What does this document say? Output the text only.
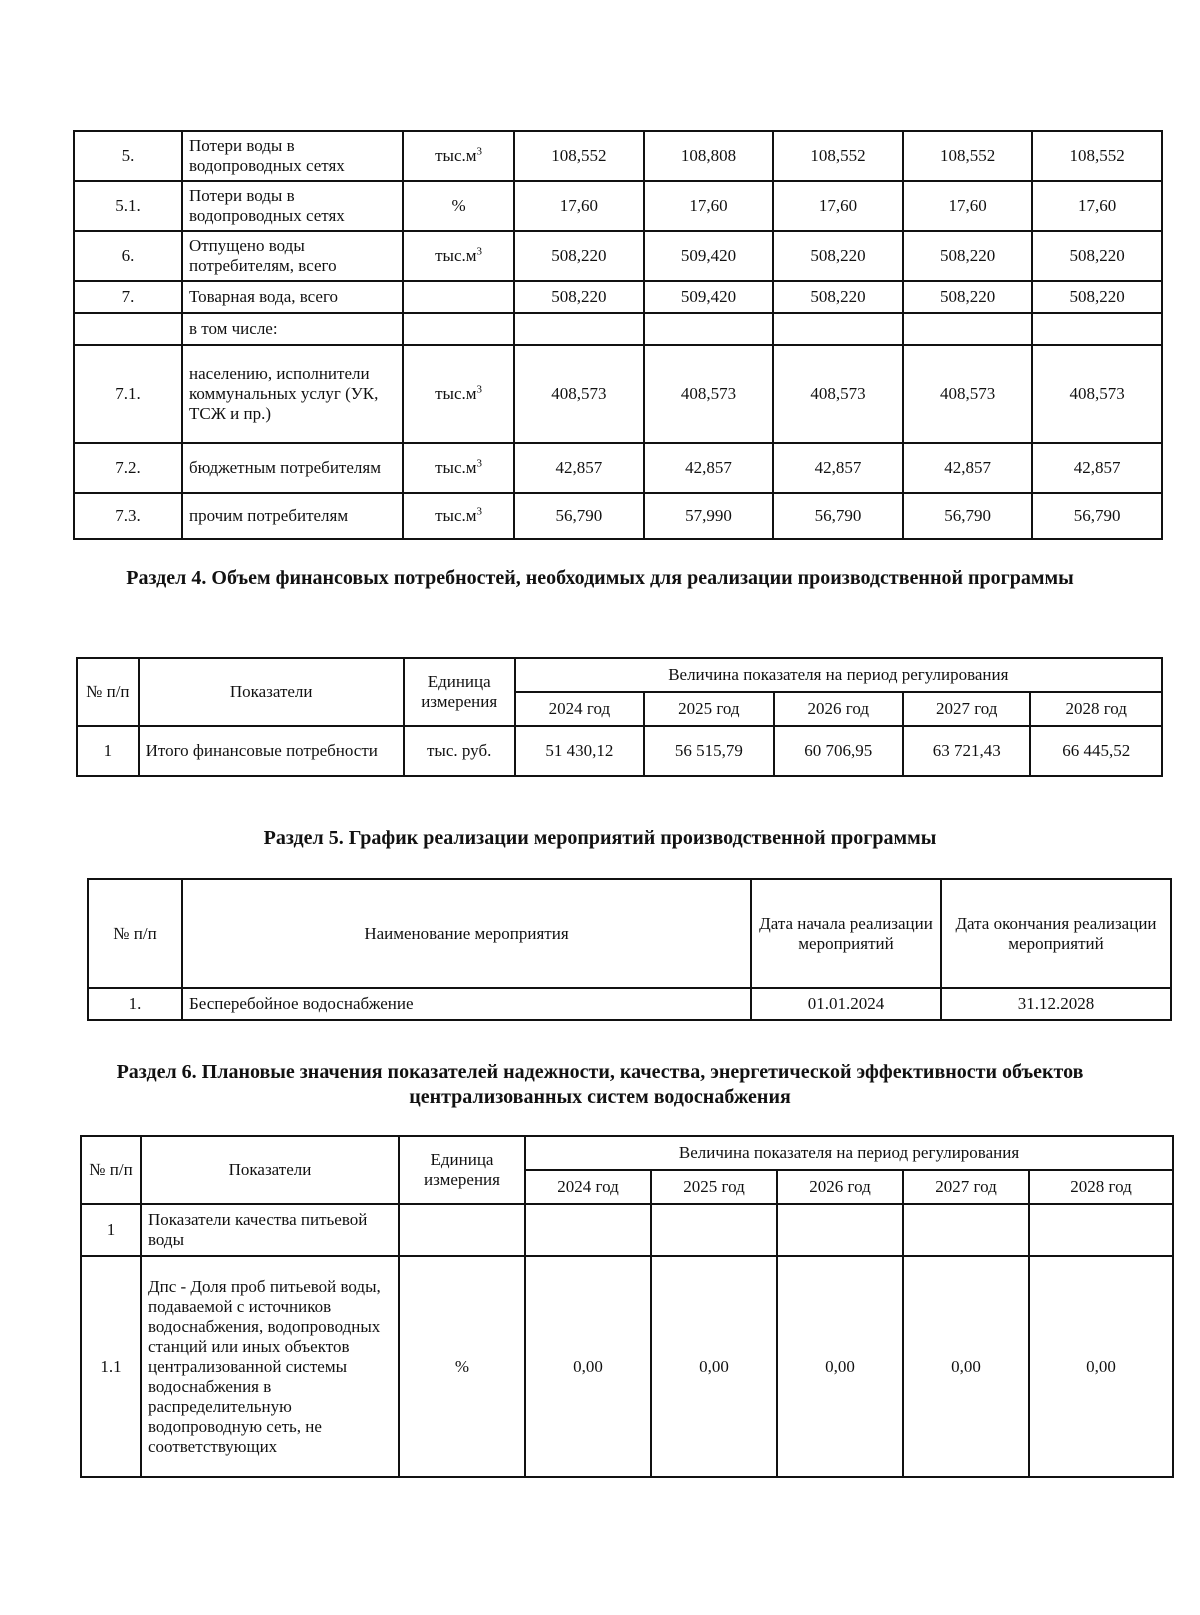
5.	Потери воды в водопроводных сетях	$тыс.м^3$	108,552	108,808	108,552	108,552	108,552
5.1.	Потери воды в водопроводных сетях	%	17,60	17,60	17,60	17,60	17,60
6.	Отпущено воды потребителям, всего	$тыс.м^3$	508,220	509,420	508,220	508,220	508,220
7.	Товарная вода, всего		508,220	509,420	508,220	508,220	508,220
	в том числе:						
7.1.	населению, исполнители коммунальных услуг (УК, ТСЖ и пр.)	$тыс.м^3$	408,573	408,573	408,573	408,573	408,573
7.2.	бюджетным потребителям	$тыс.м^3$	42,857	42,857	42,857	42,857	42,857
7.3.	прочим потребителям	$тыс.м^3$	56,790	57,990	56,790	56,790	56,790
Раздел 4. Объем финансовых потребностей, необходимых для реализации производственной программы
№ п/п	Показатели	Единица измерения	Величина показателя на период регулирования				
			2024 год	2025 год	2026 год	2027 год	2028 год
1	Итого финансовые потребности	тыс. руб.	51 430,12	56 515,79	60 706,95	63 721,43	66 445,52
Раздел 5. График реализации мероприятий производственной программы
№ п/п	Наименование мероприятия	Дата начала реализации мероприятий	Дата окончания реализации мероприятий
1.	Бесперебойное водоснабжение	01.01.2024	31.12.2028
Раздел 6. Плановые значения показателей надежности, качества, энергетической эффективности объектов централизованных систем водоснабжения
№ п/п	Показатели	Единица измерения	Величина показателя на период регулирования				
			2024 год	2025 год	2026 год	2027 год	2028 год
1	Показатели качества питьевой воды						
1.1	Дпс - Доля проб питьевой воды, подаваемой с источников водоснабжения, водопроводных станций или иных объектов централизованной системы водоснабжения в распределительную водопроводную сеть, не соответствующих	%	0,00	0,00	0,00	0,00	0,00
